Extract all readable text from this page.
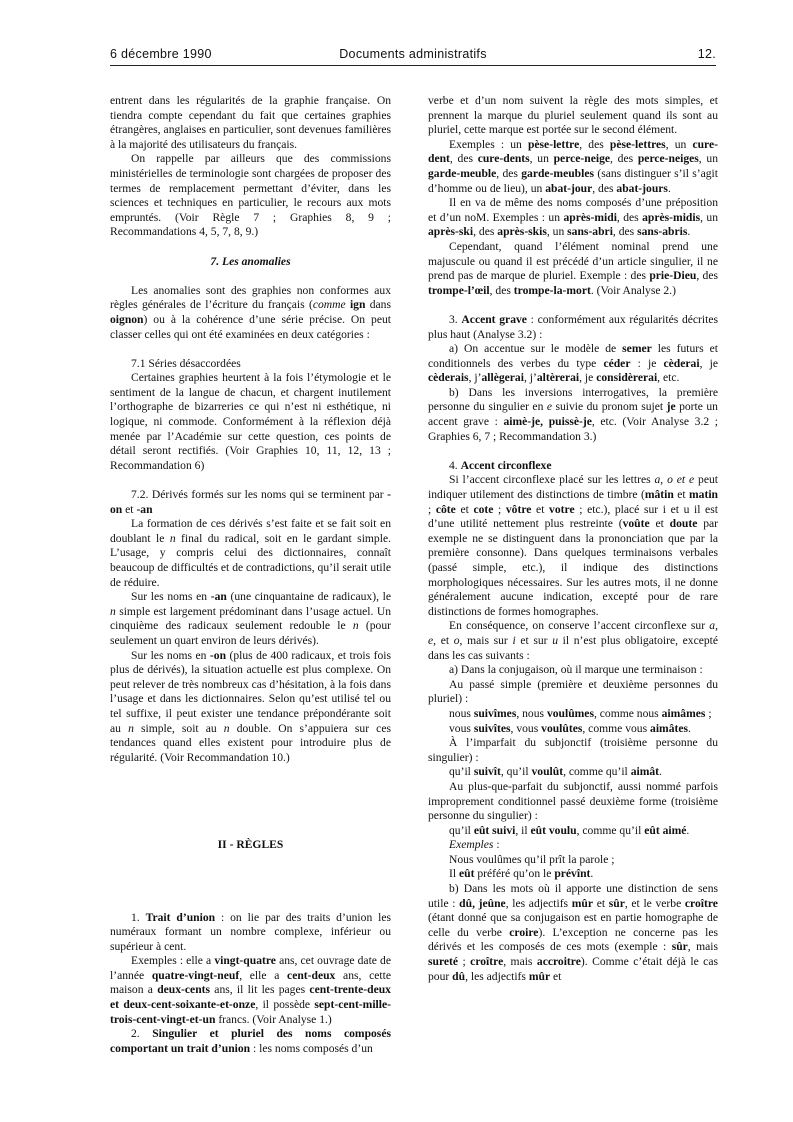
6 décembre 1990	Documents administratifs	12.

entrent dans les régularités de la graphie française. On tiendra compte cependant du fait que certaines graphies étrangères, anglaises en particulier, sont devenues familières à la majorité des utilisateurs du français.

On rappelle par ailleurs que des commissions ministérielles de terminologie sont chargées de proposer des termes de remplacement permettant d’éviter, dans les sciences et techniques en particulier, le recours aux mots empruntés. (Voir Règle 7 ; Graphies 8, 9 ; Recommandations 4, 5, 7, 8, 9.)

7. Les anomalies

Les anomalies sont des graphies non conformes aux règles générales de l’écriture du français (comme ign dans oignon) ou à la cohérence d’une série précise. On peut classer celles qui ont été examinées en deux catégories :

7.1 Séries désaccordées

Certaines graphies heurtent à la fois l’étymologie et le sentiment de la langue de chacun, et chargent inutilement l’orthographe de bizarreries ce qui n’est ni esthétique, ni logique, ni commode. Conformément à la réflexion déjà menée par l’Académie sur cette question, ces points de détail seront rectifiés. (Voir Graphies 10, 11, 12, 13 ; Recommandation 6)

7.2. Dérivés formés sur les noms qui se terminent par -on et -an

La formation de ces dérivés s’est faite et se fait soit en doublant le n final du radical, soit en le gardant simple. L’usage, y compris celui des dictionnaires, connaît beaucoup de difficultés et de contradictions, qu’il serait utile de réduire.

Sur les noms en -an (une cinquantaine de radicaux), le n simple est largement prédominant dans l’usage actuel. Un cinquième des radicaux seulement redouble le n (pour seulement un quart environ de leurs dérivés).

Sur les noms en -on (plus de 400 radicaux, et trois fois plus de dérivés), la situation actuelle est plus complexe. On peut relever de très nombreux cas d’hésitation, à la fois dans l’usage et dans les dictionnaires. Selon qu’est utilisé tel ou tel suffixe, il peut exister une tendance prépondérante soit au n simple, soit au n double. On s’appuiera sur ces tendances quand elles existent pour introduire plus de régularité. (Voir Recommandation 10.)

II - RÈGLES

1. Trait d’union : on lie par des traits d’union les numéraux formant un nombre complexe, inférieur ou supérieur à cent.

Exemples : elle a vingt-quatre ans, cet ouvrage date de l’année quatre-vingt-neuf, elle a cent-deux ans, cette maison a deux-cents ans, il lit les pages cent-trente-deux et deux-cent-soixante-et-onze, il possède sept-cent-mille-trois-cent-vingt-et-un francs. (Voir Analyse 1.)

2. Singulier et pluriel des noms composés comportant un trait d’union : les noms composés d’un

verbe et d’un nom suivent la règle des mots simples, et prennent la marque du pluriel seulement quand ils sont au pluriel, cette marque est portée sur le second élément.

Exemples : un pèse-lettre, des pèse-lettres, un cure-dent, des cure-dents, un perce-neige, des perce-neiges, un garde-meuble, des garde-meubles (sans distinguer s’il s’agit d’homme ou de lieu), un abat-jour, des abat-jours.

Il en va de même des noms composés d’une préposition et d’un noM. Exemples : un après-midi, des après-midis, un après-ski, des après-skis, un sans-abri, des sans-abris.

Cependant, quand l’élément nominal prend une majuscule ou quand il est précédé d’un article singulier, il ne prend pas de marque de pluriel. Exemple : des prie-Dieu, des trompe-l’œil, des trompe-la-mort. (Voir Analyse 2.)

3. Accent grave : conformément aux régularités décrites plus haut (Analyse 3.2) :

a) On accentue sur le modèle de semer les futurs et conditionnels des verbes du type céder : je cèderai, je cèderais, j’allègerai, j’altèrerai, je considèrerai, etc.

b) Dans les inversions interrogatives, la première personne du singulier en e suivie du pronom sujet je porte un accent grave : aimè-je, puissè-je, etc. (Voir Analyse 3.2 ; Graphies 6, 7 ; Recommandation 3.)

4. Accent circonflexe

Si l’accent circonflexe placé sur les lettres a, o et e peut indiquer utilement des distinctions de timbre (mâtin et matin ; côte et cote ; vôtre et votre ; etc.), placé sur i et u il est d’une utilité nettement plus restreinte (voûte et doute par exemple ne se distinguent dans la prononciation que par la première consonne). Dans quelques terminaisons verbales (passé simple, etc.), il indique des distinctions morphologiques nécessaires. Sur les autres mots, il ne donne généralement aucune indication, excepté pour de rare distinctions de formes homographes.

En conséquence, on conserve l’accent circonflexe sur a, e, et o, mais sur i et sur u il n’est plus obligatoire, excepté dans les cas suivants :

a) Dans la conjugaison, où il marque une terminaison :

Au passé simple (première et deuxième personnes du pluriel) :

nous suivîmes, nous voulûmes, comme nous aimâmes ;

vous suivîtes, vous voulûtes, comme vous aimâtes.

À l’imparfait du subjonctif (troisième personne du singulier) :

qu’il suivît, qu’il voulût, comme qu’il aimât.

Au plus-que-parfait du subjonctif, aussi nommé parfois improprement conditionnel passé deuxième forme (troisième personne du singulier) :

qu’il eût suivi, il eût voulu, comme qu’il eût aimé.

Exemples :

Nous voulûmes qu’il prît la parole ;

Il eût préféré qu’on le prévînt.

b) Dans les mots où il apporte une distinction de sens utile : dû, jeûne, les adjectifs mûr et sûr, et le verbe croître (étant donné que sa conjugaison est en partie homographe de celle du verbe croire). L’exception ne concerne pas les dérivés et les composés de ces mots (exemple : sûr, mais sureté ; croître, mais accroitre). Comme c’était déjà le cas pour dû, les adjectifs mûr et
